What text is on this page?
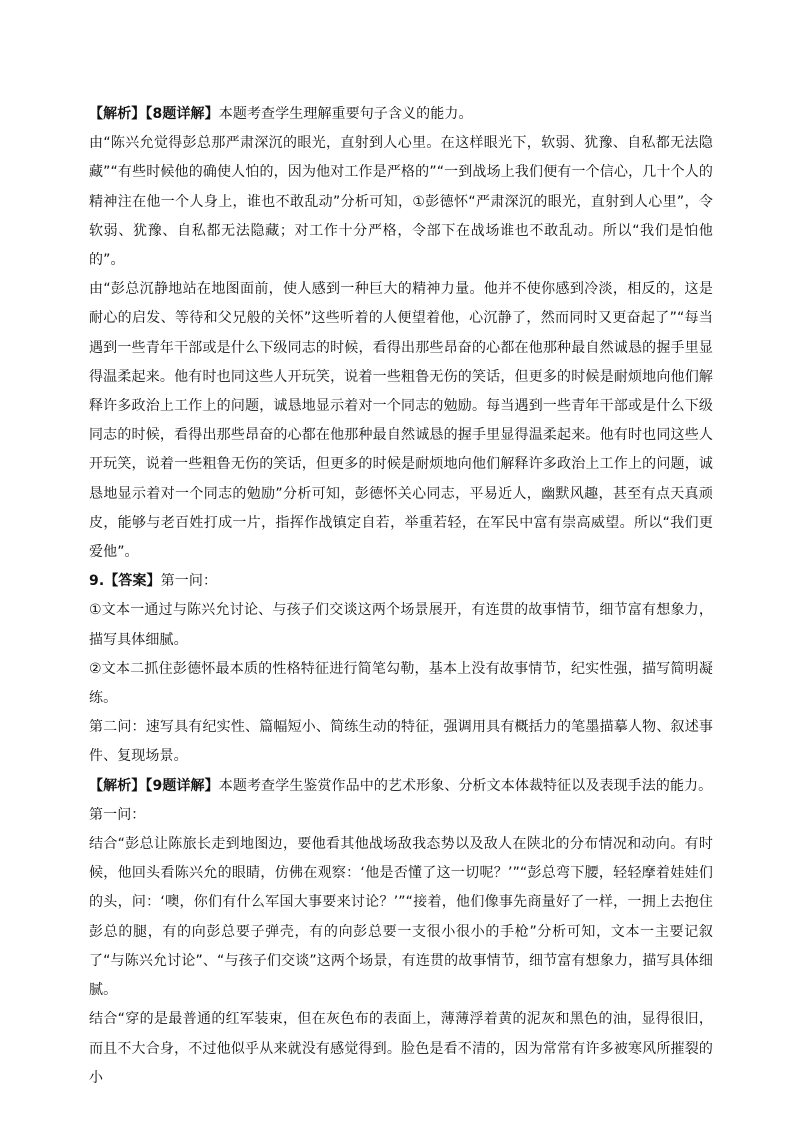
【解析】【8题详解】本题考查学生理解重要句子含义的能力。

由“陈兴允觉得彭总那严肃深沉的眼光，直射到人心里。在这样眼光下，软弱、犹豫、自私都无法隐藏”“有些时候他的确使人怕的，因为他对工作是严格的”“一到战场上我们便有一个信心，几十个人的精神注在他一个人身上，谁也不敢乱动”分析可知，①彭德怀“严肃深沉的眼光，直射到人心里”，令软弱、犹豫、自私都无法隐藏；对工作十分严格，令部下在战场谁也不敢乱动。所以“我们是怕他的”。

由“彭总沉静地站在地图面前，使人感到一种巨大的精神力量。他并不使你感到冷淡，相反的，这是耐心的启发、等待和父兄般的关怀”这些听着的人便望着他，心沉静了，然而同时又更奋起了”“每当遇到一些青年干部或是什么下级同志的时候，看得出那些昂奋的心都在他那种最自然诚恳的握手里显得温柔起来。他有时也同这些人开玩笑，说着一些粗鲁无伤的笑话，但更多的时候是耐烦地向他们解释许多政治上工作上的问题，诚恳地显示着对一个同志的勉励。每当遇到一些青年干部或是什么下级同志的时候，看得出那些昂奋的心都在他那种最自然诚恳的握手里显得温柔起来。他有时也同这些人开玩笑，说着一些粗鲁无伤的笑话，但更多的时候是耐烦地向他们解释许多政治上工作上的问题，诚恳地显示着对一个同志的勉励”分析可知，彭德怀关心同志，平易近人，幽默风趣，甚至有点天真顽皮，能够与老百姓打成一片，指挥作战镇定自若，举重若轻，在军民中富有崇高威望。所以“我们更爱他”。

9.【答案】第一问：

①文本一通过与陈兴允讨论、与孩子们交谈这两个场景展开，有连贯的故事情节，细节富有想象力，描写具体细腻。

②文本二抓住彭德怀最本质的性格特征进行简笔勾勒，基本上没有故事情节，纪实性强，描写简明凝练。

第二问：速写具有纪实性、篇幅短小、简练生动的特征，强调用具有概括力的笔墨描摹人物、叙述事件、复现场景。

【解析】【9题详解】本题考查学生鉴赏作品中的艺术形象、分析文本体裁特征以及表现手法的能力。

第一问：

结合“彭总让陈旅长走到地图边，要他看其他战场敌我态势以及敌人在陕北的分布情况和动向。有时候，他回头看陈兴允的眼睛，仿佛在观察：‘他是否懂了这一切呢？’”“彭总弯下腰，轻轻摩着娃娃们的头，问：‘噢，你们有什么军国大事要来讨论？’”“接着，他们像事先商量好了一样，一拥上去抱住彭总的腿，有的向彭总要子弹壳，有的向彭总要一支很小很小的手枪”分析可知，文本一主要记叙了“与陈兴允讨论”、“与孩子们交谈”这两个场景，有连贯的故事情节，细节富有想象力，描写具体细腻。

结合“穿的是最普通的红军装束，但在灰色布的表面上，薄薄浮着黄的泥灰和黑色的油，显得很旧，而且不大合身，不过他似乎从来就没有感觉得到。脸色是看不清的，因为常常有许多被寒风所摧裂的小
